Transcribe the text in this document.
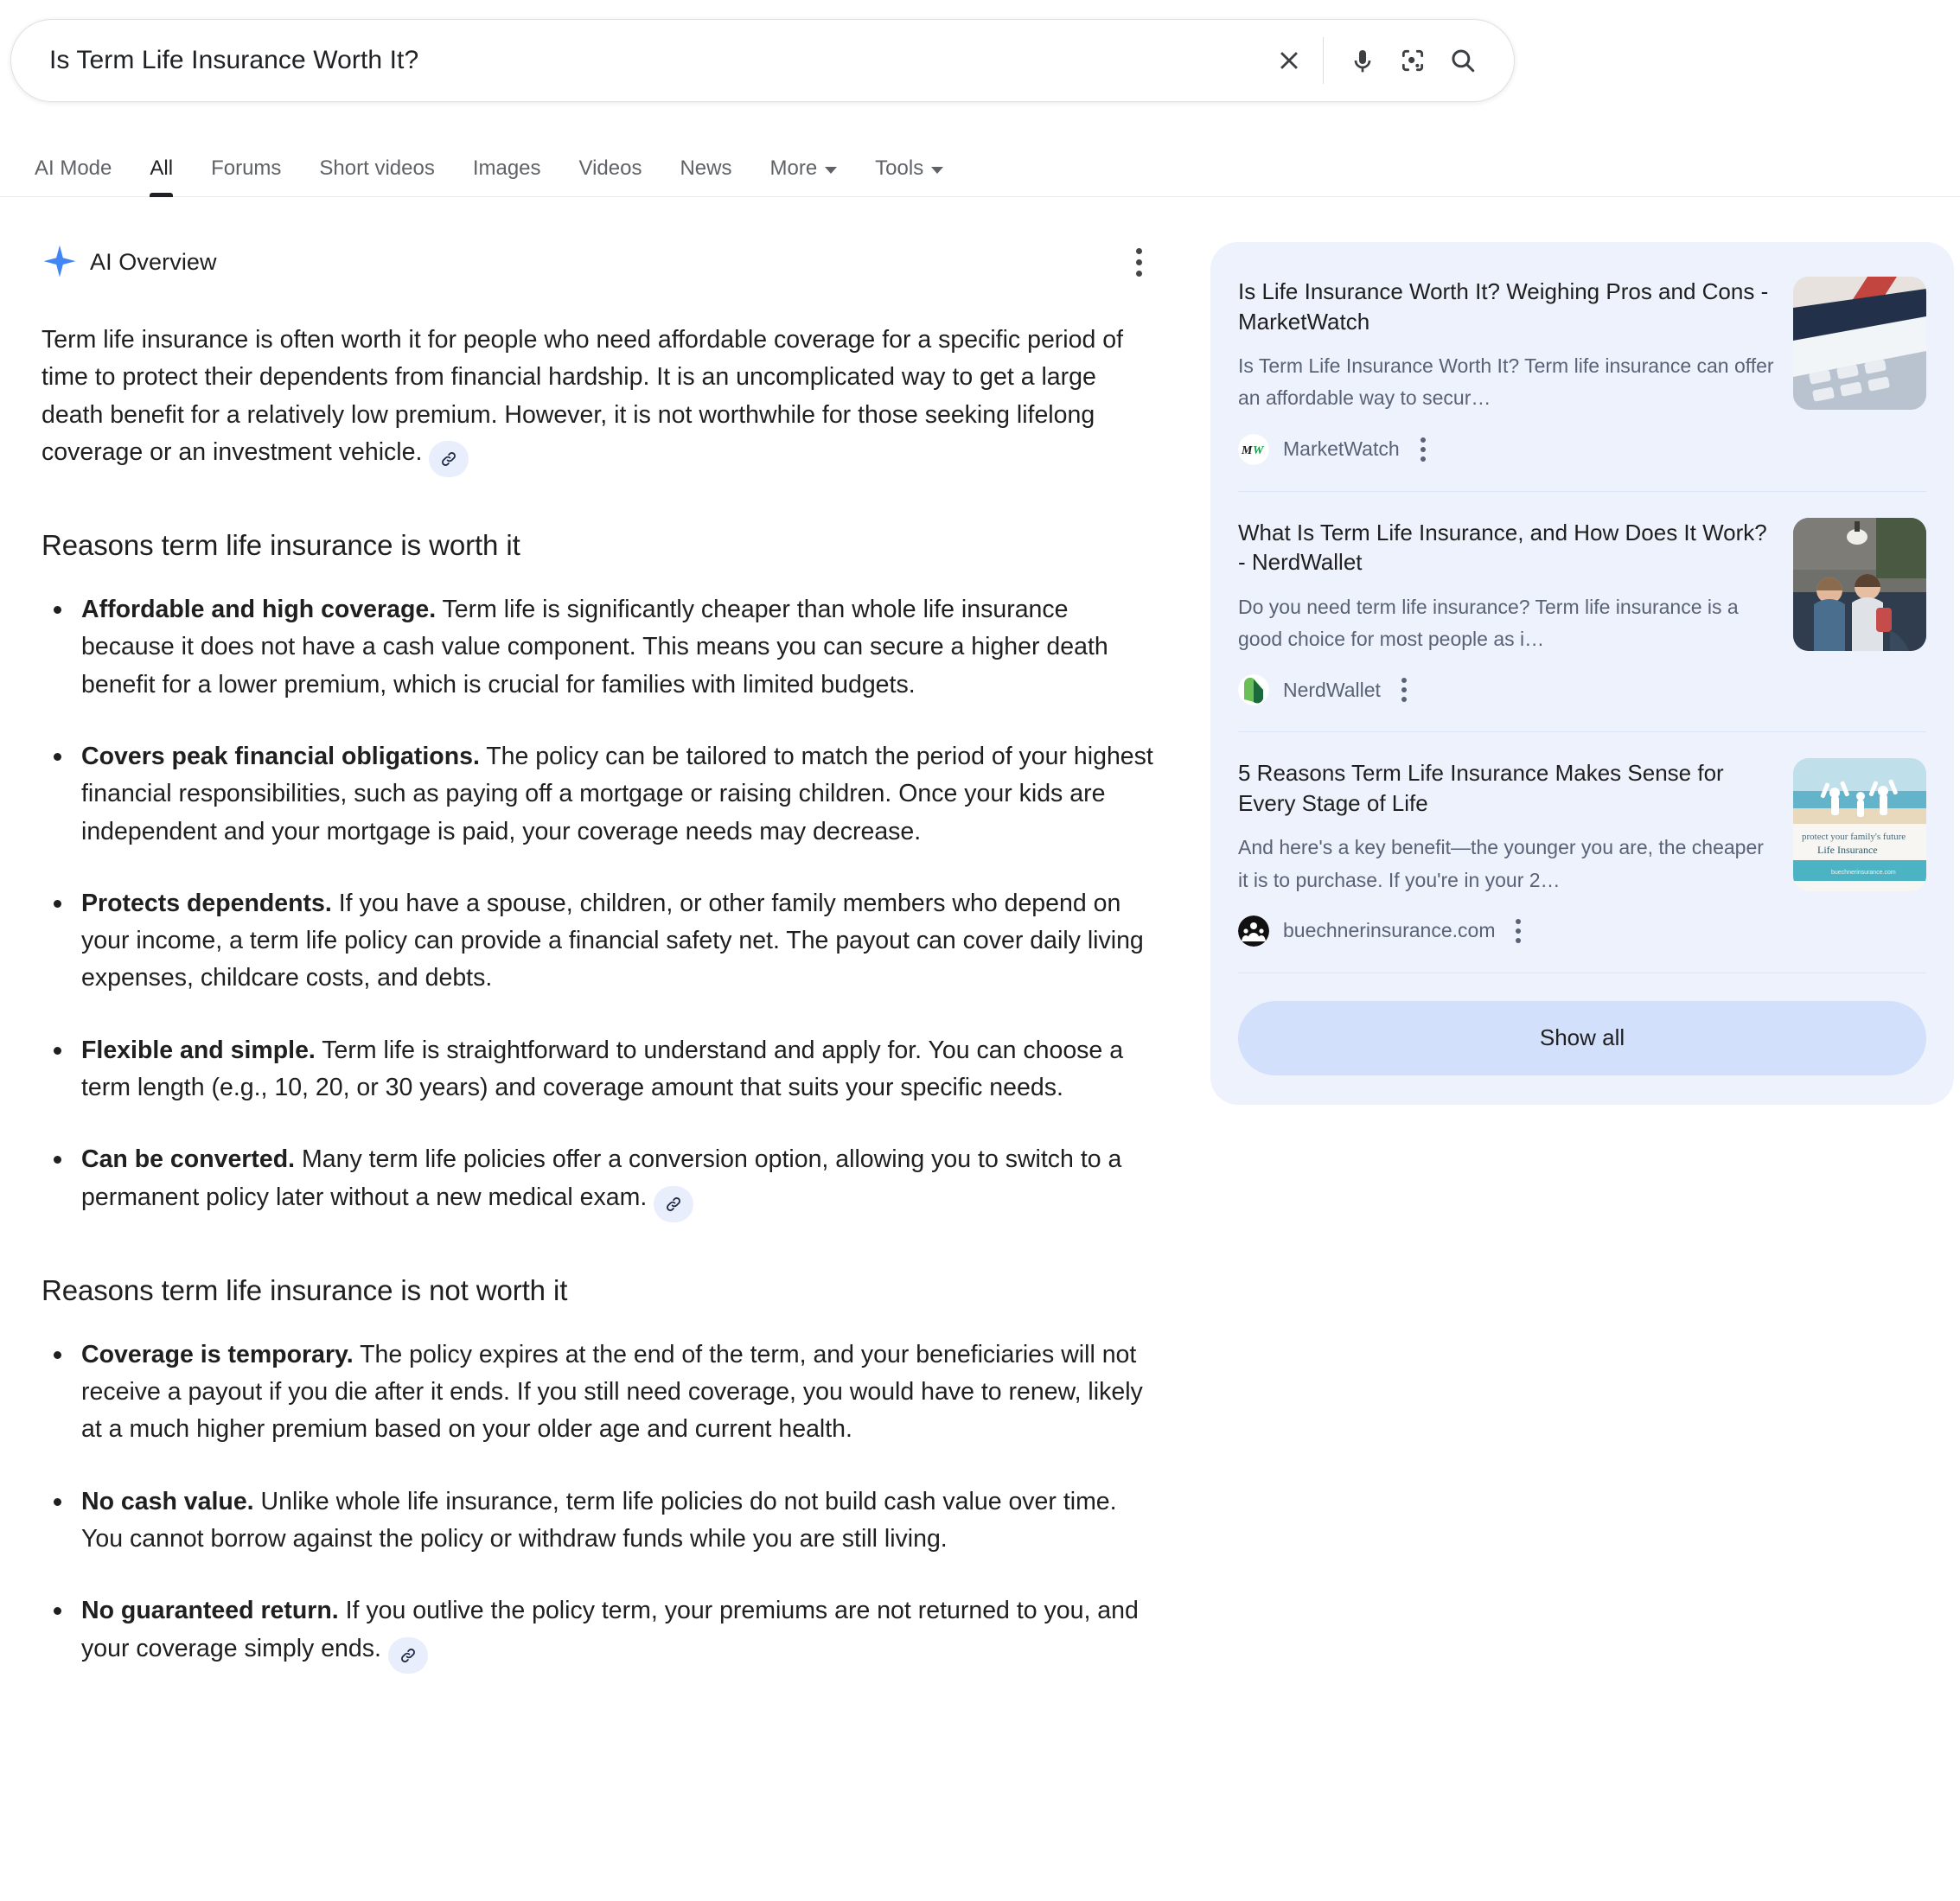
Is Term Life Insurance Worth It?
AI Mode All Forums Short videos Images Videos News More	Tools
AI Overview

Term life insurance is often worth it for people who need affordable coverage for a specific period of time to protect their dependents from financial hardship. It is an uncomplicated way to get a large death benefit for a relatively low premium. However, it is not worthwhile for those seeking lifelong coverage or an investment vehicle.

Reasons term life insurance is worth it
Affordable and high coverage. Term life is significantly cheaper than whole life insurance because it does not have a cash value component. This means you can secure a higher death benefit for a lower premium, which is crucial for families with limited budgets.
Covers peak financial obligations. The policy can be tailored to match the period of your highest financial responsibilities, such as paying off a mortgage or raising children. Once your kids are independent and your mortgage is paid, your coverage needs may decrease.
Protects dependents. If you have a spouse, children, or other family members who depend on your income, a term life policy can provide a financial safety net. The payout can cover daily living expenses, childcare costs, and debts.
Flexible and simple. Term life is straightforward to understand and apply for. You can choose a term length (e.g., 10, 20, or 30 years) and coverage amount that suits your specific needs.
Can be converted. Many term life policies offer a conversion option, allowing you to switch to a permanent policy later without a new medical exam.
Reasons term life insurance is not worth it
Coverage is temporary. The policy expires at the end of the term, and your beneficiaries will not receive a payout if you die after it ends. If you still need coverage, you would have to renew, likely at a much higher premium based on your older age and current health.
No cash value. Unlike whole life insurance, term life policies do not build cash value over time. You cannot borrow against the policy or withdraw funds while you are still living.
No guaranteed return. If you outlive the policy term, your premiums are not returned to you, and your coverage simply ends.
Is Life Insurance Worth It? Weighing Pros and Cons - MarketWatch
Is Term Life Insurance Worth It? Term life insurance can offer an affordable way to secur…
M W MarketWatch
What Is Term Life Insurance, and How Does It Work? - NerdWallet
Do you need term life insurance? Term life insurance is a good choice for most people as i…
NerdWallet
5 Reasons Term Life Insurance Makes Sense for Every Stage of Life
And here's a key benefit—the younger you are, the cheaper it is to purchase. If you're in your 2…
buechnerinsurance.com
protect your family's future
Life Insurance
buechnerinsurance.com
Show all
